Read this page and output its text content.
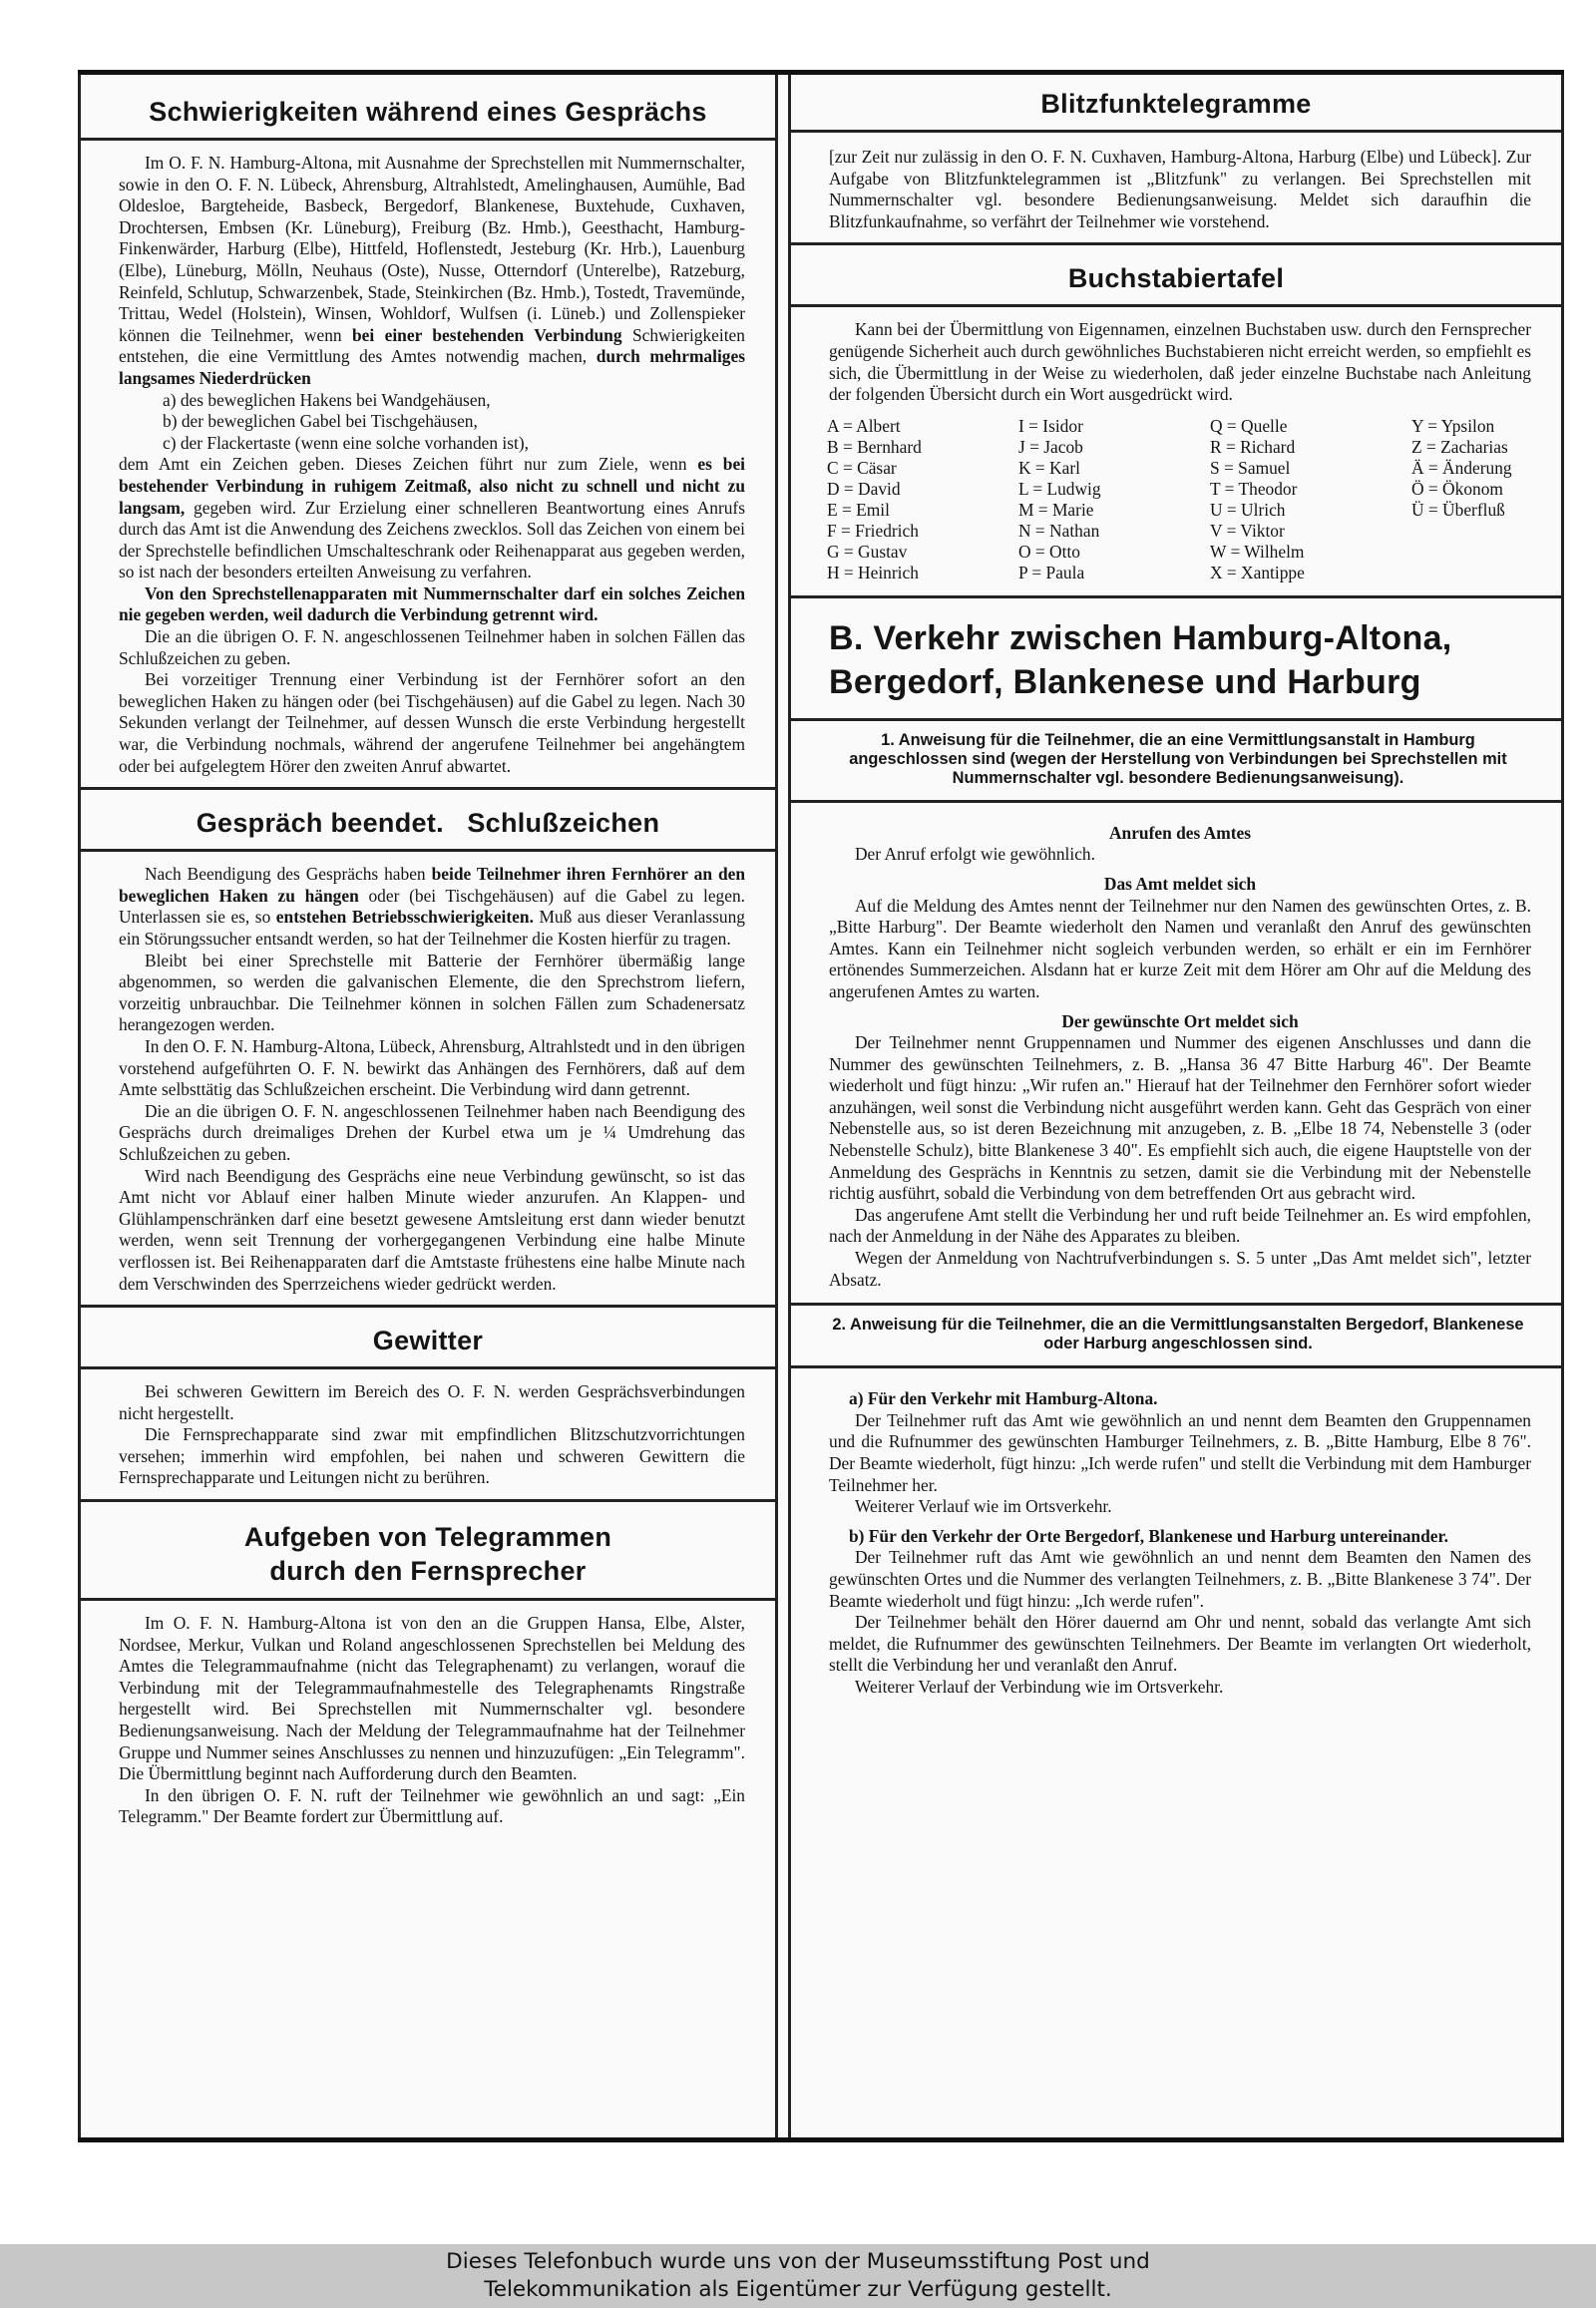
Schwierigkeiten während eines Gesprächs

Im O. F. N. Hamburg-Altona, mit Ausnahme der Sprechstellen mit Nummernschalter, sowie in den O. F. N. Lübeck, Ahrensburg, Altrahlstedt, Amelinghausen, Aumühle, Bad Oldesloe, Bargteheide, Basbeck, Bergedorf, Blankenese, Buxtehude, Cuxhaven, Drochtersen, Embsen (Kr. Lüneburg), Freiburg (Bz. Hmb.), Geesthacht, Hamburg-Finkenwärder, Harburg (Elbe), Hittfeld, Hoflenstedt, Jesteburg (Kr. Hrb.), Lauenburg (Elbe), Lüneburg, Mölln, Neuhaus (Oste), Nusse, Otterndorf (Unterelbe), Ratzeburg, Reinfeld, Schlutup, Schwarzenbek, Stade, Steinkirchen (Bz. Hmb.), Tostedt, Travemünde, Trittau, Wedel (Holstein), Winsen, Wohldorf, Wulfsen (i. Lüneb.) und Zollenspieker können die Teilnehmer, wenn bei einer bestehenden Verbindung Schwierigkeiten entstehen, die eine Vermittlung des Amtes notwendig machen, durch mehrmaliges langsames Niederdrücken

a) des beweglichen Hakens bei Wandgehäusen,
b) der beweglichen Gabel bei Tischgehäusen,
c) der Flackertaste (wenn eine solche vorhanden ist),

dem Amt ein Zeichen geben. Dieses Zeichen führt nur zum Ziele, wenn es bei bestehender Verbindung in ruhigem Zeitmaß, also nicht zu schnell und nicht zu langsam, gegeben wird. Zur Erzielung einer schnelleren Beantwortung eines Anrufs durch das Amt ist die Anwendung des Zeichens zwecklos. Soll das Zeichen von einem bei der Sprechstelle befindlichen Umschalteschrank oder Reihenapparat aus gegeben werden, so ist nach der besonders erteilten Anweisung zu verfahren.

Von den Sprechstellenapparaten mit Nummernschalter darf ein solches Zeichen nie gegeben werden, weil dadurch die Verbindung getrennt wird.

Die an die übrigen O. F. N. angeschlossenen Teilnehmer haben in solchen Fällen das Schlußzeichen zu geben.

Bei vorzeitiger Trennung einer Verbindung ist der Fernhörer sofort an den beweglichen Haken zu hängen oder (bei Tischgehäusen) auf die Gabel zu legen. Nach 30 Sekunden verlangt der Teilnehmer, auf dessen Wunsch die erste Verbindung hergestellt war, die Verbindung nochmals, während der angerufene Teilnehmer bei angehängtem oder bei aufgelegtem Hörer den zweiten Anruf abwartet.

Gespräch beendet.   Schlußzeichen

Nach Beendigung des Gesprächs haben beide Teilnehmer ihren Fernhörer an den beweglichen Haken zu hängen oder (bei Tischgehäusen) auf die Gabel zu legen. Unterlassen sie es, so entstehen Betriebsschwierigkeiten. Muß aus dieser Veranlassung ein Störungssucher entsandt werden, so hat der Teilnehmer die Kosten hierfür zu tragen.

Bleibt bei einer Sprechstelle mit Batterie der Fernhörer übermäßig lange abgenommen, so werden die galvanischen Elemente, die den Sprechstrom liefern, vorzeitig unbrauchbar. Die Teilnehmer können in solchen Fällen zum Schadenersatz herangezogen werden.

In den O. F. N. Hamburg-Altona, Lübeck, Ahrensburg, Altrahlstedt und in den übrigen vorstehend aufgeführten O. F. N. bewirkt das Anhängen des Fernhörers, daß auf dem Amte selbsttätig das Schlußzeichen erscheint. Die Verbindung wird dann getrennt.

Die an die übrigen O. F. N. angeschlossenen Teilnehmer haben nach Beendigung des Gesprächs durch dreimaliges Drehen der Kurbel etwa um je ¼ Umdrehung das Schlußzeichen zu geben.

Wird nach Beendigung des Gesprächs eine neue Verbindung gewünscht, so ist das Amt nicht vor Ablauf einer halben Minute wieder anzurufen. An Klappen- und Glühlampenschränken darf eine besetzt gewesene Amtsleitung erst dann wieder benutzt werden, wenn seit Trennung der vorhergegangenen Verbindung eine halbe Minute verflossen ist. Bei Reihenapparaten darf die Amtstaste frühestens eine halbe Minute nach dem Verschwinden des Sperrzeichens wieder gedrückt werden.

Gewitter

Bei schweren Gewittern im Bereich des O. F. N. werden Gesprächsverbindungen nicht hergestellt.

Die Fernsprechapparate sind zwar mit empfindlichen Blitzschutzvorrichtungen versehen; immerhin wird empfohlen, bei nahen und schweren Gewittern die Fernsprechapparate und Leitungen nicht zu berühren.

Aufgeben von Telegrammen
durch den Fernsprecher

Im O. F. N. Hamburg-Altona ist von den an die Gruppen Hansa, Elbe, Alster, Nordsee, Merkur, Vulkan und Roland angeschlossenen Sprechstellen bei Meldung des Amtes die Telegrammaufnahme (nicht das Telegraphenamt) zu verlangen, worauf die Verbindung mit der Telegrammaufnahmestelle des Telegraphenamts Ringstraße hergestellt wird. Bei Sprechstellen mit Nummernschalter vgl. besondere Bedienungsanweisung. Nach der Meldung der Telegrammaufnahme hat der Teilnehmer Gruppe und Nummer seines Anschlusses zu nennen und hinzuzufügen: „Ein Telegramm". Die Übermittlung beginnt nach Aufforderung durch den Beamten.

In den übrigen O. F. N. ruft der Teilnehmer wie gewöhnlich an und sagt: „Ein Telegramm." Der Beamte fordert zur Übermittlung auf.

Blitzfunktelegramme

[zur Zeit nur zulässig in den O. F. N. Cuxhaven, Hamburg-Altona, Harburg (Elbe) und Lübeck]. Zur Aufgabe von Blitzfunktelegrammen ist „Blitzfunk" zu verlangen. Bei Sprechstellen mit Nummernschalter vgl. besondere Bedienungsanweisung. Meldet sich daraufhin die Blitzfunkaufnahme, so verfährt der Teilnehmer wie vorstehend.

Buchstabiertafel

Kann bei der Übermittlung von Eigennamen, einzelnen Buchstaben usw. durch den Fernsprecher genügende Sicherheit auch durch gewöhnliches Buchstabieren nicht erreicht werden, so empfiehlt es sich, die Übermittlung in der Weise zu wiederholen, daß jeder einzelne Buchstabe nach Anleitung der folgenden Übersicht durch ein Wort ausgedrückt wird.

A = Albert
B = Bernhard
C = Cäsar
D = David
E = Emil
F = Friedrich
G = Gustav
H = Heinrich
I = Isidor
J = Jacob
K = Karl
L = Ludwig
M = Marie
N = Nathan
O = Otto
P = Paula
Q = Quelle
R = Richard
S = Samuel
T = Theodor
U = Ulrich
V = Viktor
W = Wilhelm
X = Xantippe
Y = Ypsilon
Z = Zacharias
Ä = Änderung
Ö = Ökonom
Ü = Überfluß
B. Verkehr zwischen Hamburg-Altona,
Bergedorf, Blankenese und Harburg
1. Anweisung für die Teilnehmer, die an eine Vermittlungsanstalt in Hamburg angeschlossen sind (wegen der Herstellung von Verbindungen bei Sprechstellen mit Nummernschalter vgl. besondere Bedienungsanweisung).

Anrufen des Amtes

Der Anruf erfolgt wie gewöhnlich.

Das Amt meldet sich

Auf die Meldung des Amtes nennt der Teilnehmer nur den Namen des gewünschten Ortes, z. B. „Bitte Harburg". Der Beamte wiederholt den Namen und veranlaßt den Anruf des gewünschten Amtes. Kann ein Teilnehmer nicht sogleich verbunden werden, so erhält er ein im Fernhörer ertönendes Summerzeichen. Alsdann hat er kurze Zeit mit dem Hörer am Ohr auf die Meldung des angerufenen Amtes zu warten.

Der gewünschte Ort meldet sich

Der Teilnehmer nennt Gruppennamen und Nummer des eigenen Anschlusses und dann die Nummer des gewünschten Teilnehmers, z. B. „Hansa 36 47 Bitte Harburg 46". Der Beamte wiederholt und fügt hinzu: „Wir rufen an." Hierauf hat der Teilnehmer den Fernhörer sofort wieder anzuhängen, weil sonst die Verbindung nicht ausgeführt werden kann. Geht das Gespräch von einer Nebenstelle aus, so ist deren Bezeichnung mit anzugeben, z. B. „Elbe 18 74, Nebenstelle 3 (oder Nebenstelle Schulz), bitte Blankenese 3 40". Es empfiehlt sich auch, die eigene Hauptstelle von der Anmeldung des Gesprächs in Kenntnis zu setzen, damit sie die Verbindung mit der Nebenstelle richtig ausführt, sobald die Verbindung von dem betreffenden Ort aus gebracht wird.

Das angerufene Amt stellt die Verbindung her und ruft beide Teilnehmer an. Es wird empfohlen, nach der Anmeldung in der Nähe des Apparates zu bleiben.

Wegen der Anmeldung von Nachtrufverbindungen s. S. 5 unter „Das Amt meldet sich", letzter Absatz.

2. Anweisung für die Teilnehmer, die an die Vermittlungsanstalten Bergedorf, Blankenese oder Harburg angeschlossen sind.

a) Für den Verkehr mit Hamburg-Altona.

Der Teilnehmer ruft das Amt wie gewöhnlich an und nennt dem Beamten den Gruppennamen und die Rufnummer des gewünschten Hamburger Teilnehmers, z. B. „Bitte Hamburg, Elbe 8 76". Der Beamte wiederholt, fügt hinzu: „Ich werde rufen" und stellt die Verbindung mit dem Hamburger Teilnehmer her.

Weiterer Verlauf wie im Ortsverkehr.

b) Für den Verkehr der Orte Bergedorf, Blankenese und Harburg untereinander.

Der Teilnehmer ruft das Amt wie gewöhnlich an und nennt dem Beamten den Namen des gewünschten Ortes und die Nummer des verlangten Teilnehmers, z. B. „Bitte Blankenese 3 74". Der Beamte wiederholt und fügt hinzu: „Ich werde rufen".

Der Teilnehmer behält den Hörer dauernd am Ohr und nennt, sobald das verlangte Amt sich meldet, die Rufnummer des gewünschten Teilnehmers. Der Beamte im verlangten Ort wiederholt, stellt die Verbindung her und veranlaßt den Anruf.

Weiterer Verlauf der Verbindung wie im Ortsverkehr.

Dieses Telefonbuch wurde uns von der Museumsstiftung Post und
Telekommunikation als Eigentümer zur Verfügung gestellt.
